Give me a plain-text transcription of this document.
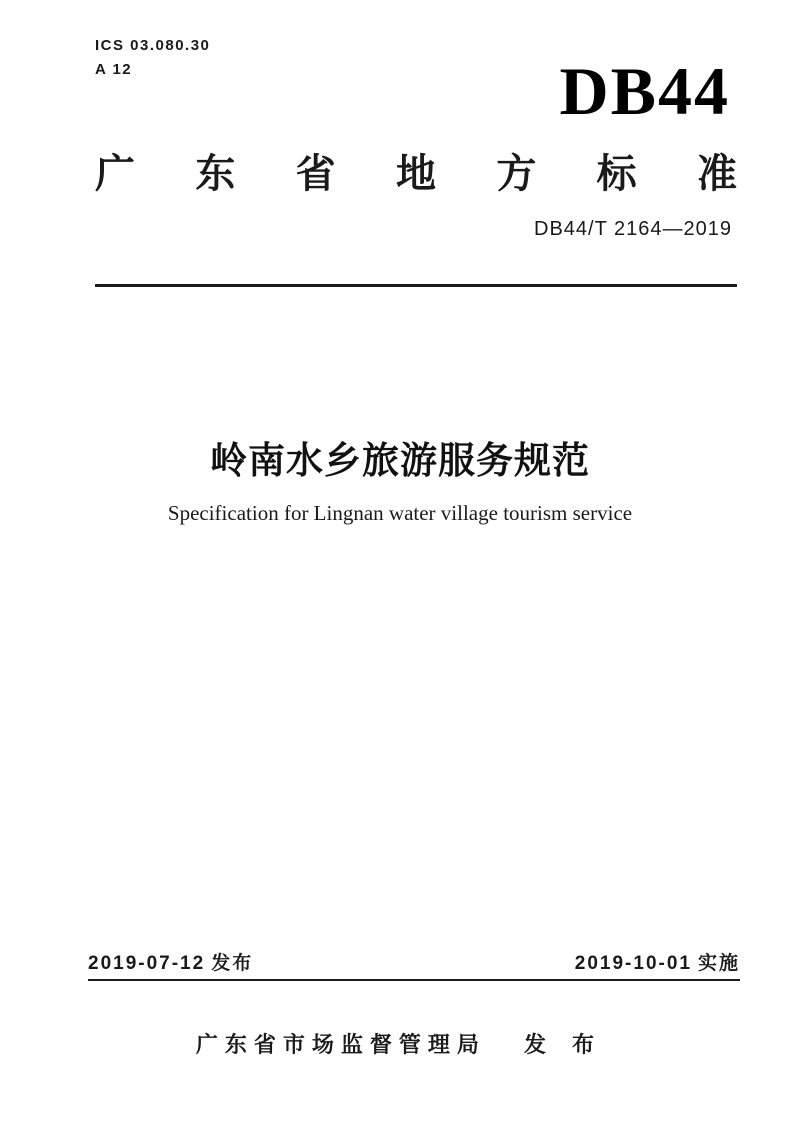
ICS 03.080.30
A 12	DB44
广 东 省 地 方 标 准
DB44/T 2164—2019
岭南水乡旅游服务规范
Specification for Lingnan water village tourism service
2019-07-12 发布	2019-10-01 实施
广东省市场监督管理局 发 布
